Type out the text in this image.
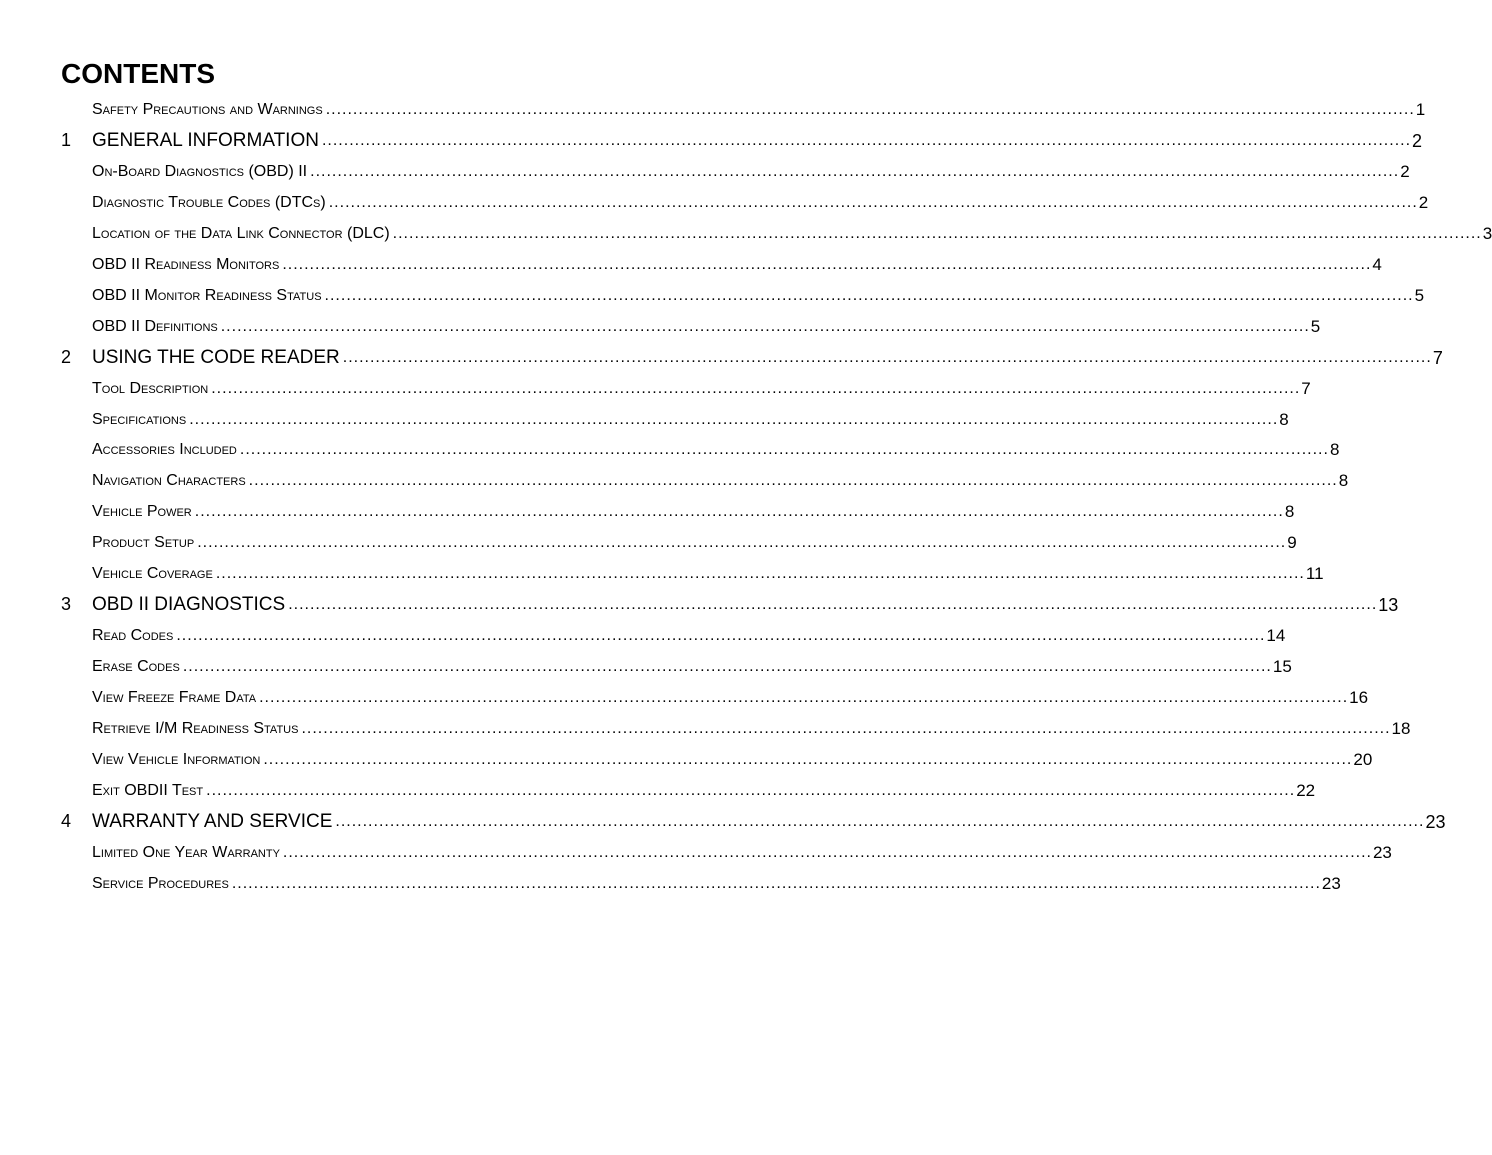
CONTENTS
Safety Precautions and Warnings ........................................................................................................................................................................................................ 1
1 GENERAL INFORMATION ........................................................................................................................................................................................................ 2
On-Board Diagnostics (OBD) II ........................................................................................................................................................................................................ 2
Diagnostic Trouble Codes (DTCs) ........................................................................................................................................................................................................ 2
Location of the Data Link Connector (DLC) ........................................................................................................................................................................................................ 3
OBD II Readiness Monitors ........................................................................................................................................................................................................ 4
OBD II Monitor Readiness Status ........................................................................................................................................................................................................ 5
OBD II Definitions ........................................................................................................................................................................................................ 5
2 USING THE CODE READER ........................................................................................................................................................................................................ 7
Tool Description ........................................................................................................................................................................................................ 7
Specifications ........................................................................................................................................................................................................ 8
Accessories Included ........................................................................................................................................................................................................ 8
Navigation Characters ........................................................................................................................................................................................................ 8
Vehicle Power ........................................................................................................................................................................................................ 8
Product Setup ........................................................................................................................................................................................................ 9
Vehicle Coverage ........................................................................................................................................................................................................ 11
3 OBD II DIAGNOSTICS ........................................................................................................................................................................................................ 13
Read Codes ........................................................................................................................................................................................................ 14
Erase Codes ........................................................................................................................................................................................................ 15
View Freeze Frame Data ........................................................................................................................................................................................................ 16
Retrieve I/M Readiness Status ........................................................................................................................................................................................................ 18
View Vehicle Information ........................................................................................................................................................................................................ 20
Exit OBDII Test ........................................................................................................................................................................................................ 22
4 WARRANTY AND SERVICE ........................................................................................................................................................................................................ 23
Limited One Year Warranty ........................................................................................................................................................................................................ 23
Service Procedures ........................................................................................................................................................................................................ 23
